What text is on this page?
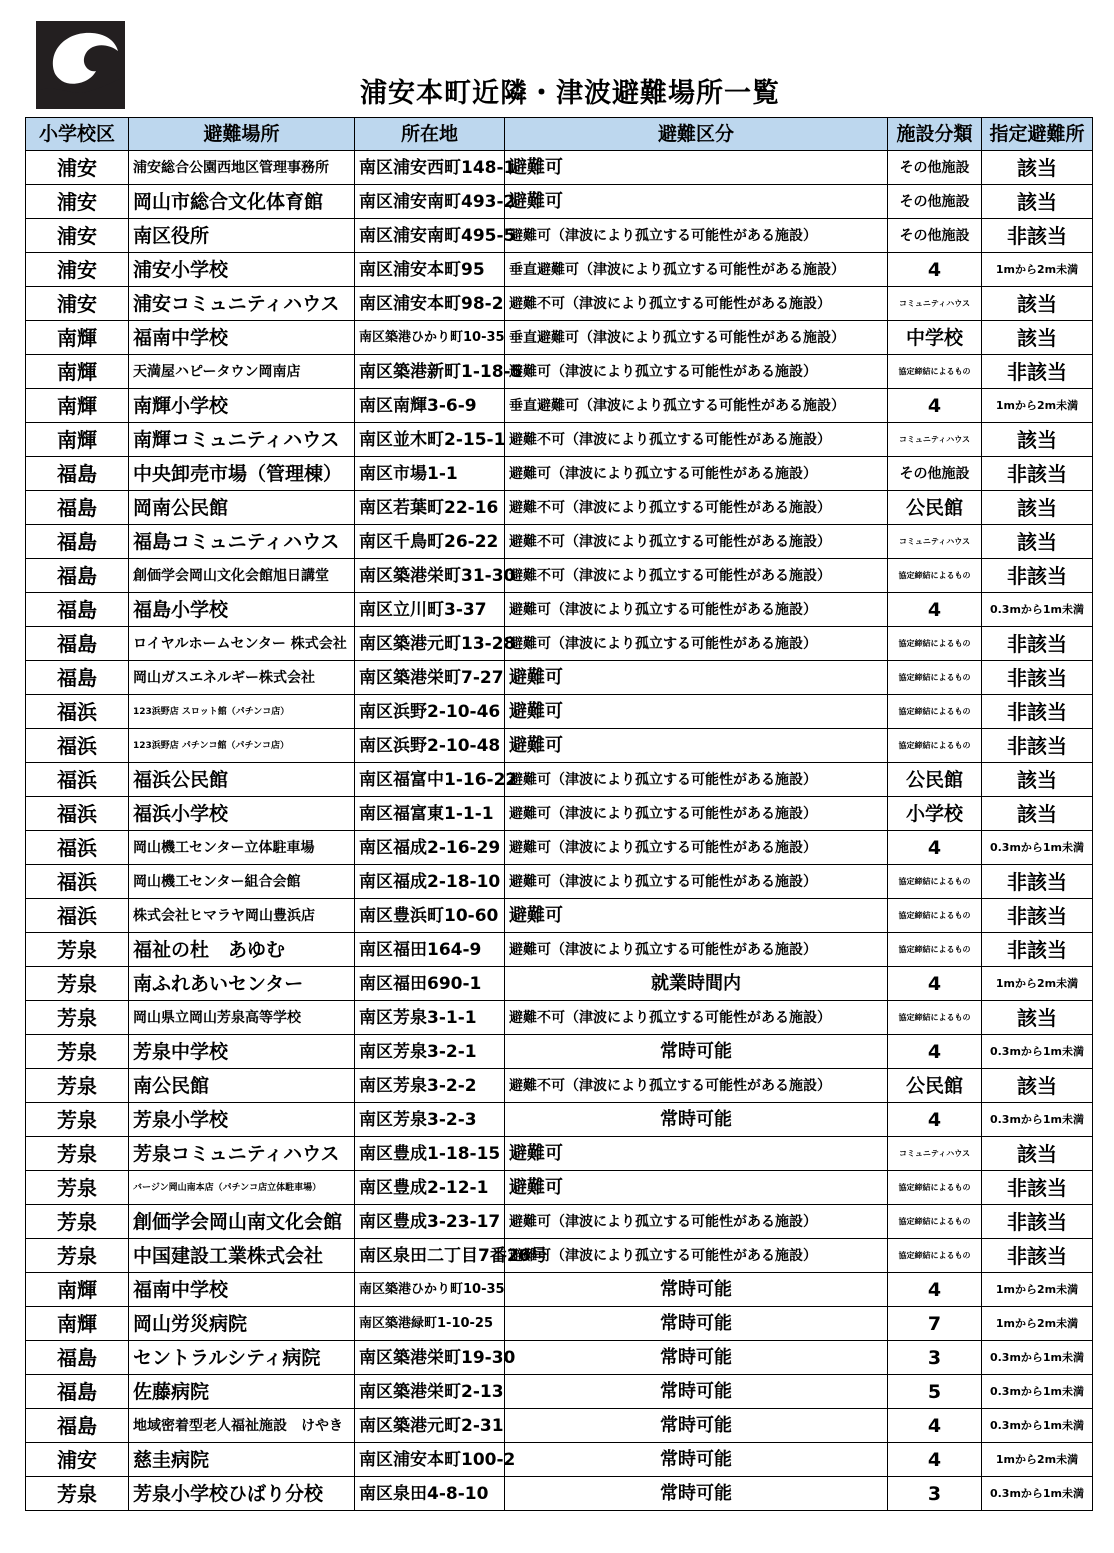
浦安本町近隣・津波避難場所一覧
小学校区	避難場所	所在地	避難区分	施設分類	指定避難所
浦安	浦安総合公園西地区管理事務所	南区浦安西町148-1	避難可	その他施設	該当
浦安	岡山市総合文化体育館	南区浦安南町493-2	避難可	その他施設	該当
浦安	南区役所	南区浦安南町495-5	避難可（津波により孤立する可能性がある施設）	その他施設	非該当
浦安	浦安小学校	南区浦安本町95	垂直避難可（津波により孤立する可能性がある施設）	4	1mから2m未満
浦安	浦安コミュニティハウス	南区浦安本町98-2	避難不可（津波により孤立する可能性がある施設）	コミュニティハウス	該当
南輝	福南中学校	南区築港ひかり町10-35	垂直避難可（津波により孤立する可能性がある施設）	中学校	該当
南輝	天満屋ハピータウン岡南店	南区築港新町1-18-5	避難可（津波により孤立する可能性がある施設）	協定締結によるもの	非該当
南輝	南輝小学校	南区南輝3-6-9	垂直避難可（津波により孤立する可能性がある施設）	4	1mから2m未満
南輝	南輝コミュニティハウス	南区並木町2-15-1	避難不可（津波により孤立する可能性がある施設）	コミュニティハウス	該当
福島	中央卸売市場（管理棟）	南区市場1-1	避難可（津波により孤立する可能性がある施設）	その他施設	非該当
福島	岡南公民館	南区若葉町22-16	避難不可（津波により孤立する可能性がある施設）	公民館	該当
福島	福島コミュニティハウス	南区千鳥町26-22	避難不可（津波により孤立する可能性がある施設）	コミュニティハウス	該当
福島	創価学会岡山文化会館旭日講堂	南区築港栄町31-30	避難不可（津波により孤立する可能性がある施設）	協定締結によるもの	非該当
福島	福島小学校	南区立川町3-37	避難可（津波により孤立する可能性がある施設）	4	0.3mから1m未満
福島	ロイヤルホームセンター 株式会社	南区築港元町13-28	避難可（津波により孤立する可能性がある施設）	協定締結によるもの	非該当
福島	岡山ガスエネルギー株式会社	南区築港栄町7-27	避難可	協定締結によるもの	非該当
福浜	123浜野店 スロット館（パチンコ店）	南区浜野2-10-46	避難可	協定締結によるもの	非該当
福浜	123浜野店 パチンコ館（パチンコ店）	南区浜野2-10-48	避難可	協定締結によるもの	非該当
福浜	福浜公民館	南区福富中1-16-22	避難可（津波により孤立する可能性がある施設）	公民館	該当
福浜	福浜小学校	南区福富東1-1-1	避難可（津波により孤立する可能性がある施設）	小学校	該当
福浜	岡山機工センター立体駐車場	南区福成2-16-29	避難可（津波により孤立する可能性がある施設）	4	0.3mから1m未満
福浜	岡山機工センター組合会館	南区福成2-18-10	避難可（津波により孤立する可能性がある施設）	協定締結によるもの	非該当
福浜	株式会社ヒマラヤ岡山豊浜店	南区豊浜町10-60	避難可	協定締結によるもの	非該当
芳泉	福祉の杜　あゆむ	南区福田164-9	避難可（津波により孤立する可能性がある施設）	協定締結によるもの	非該当
芳泉	南ふれあいセンター	南区福田690-1	就業時間内	4	1mから2m未満
芳泉	岡山県立岡山芳泉高等学校	南区芳泉3-1-1	避難不可（津波により孤立する可能性がある施設）	協定締結によるもの	該当
芳泉	芳泉中学校	南区芳泉3-2-1	常時可能	4	0.3mから1m未満
芳泉	南公民館	南区芳泉3-2-2	避難不可（津波により孤立する可能性がある施設）	公民館	該当
芳泉	芳泉小学校	南区芳泉3-2-3	常時可能	4	0.3mから1m未満
芳泉	芳泉コミュニティハウス	南区豊成1-18-15	避難可	コミュニティハウス	該当
芳泉	バージン岡山南本店（パチンコ店立体駐車場）	南区豊成2-12-1	避難可	協定締結によるもの	非該当
芳泉	創価学会岡山南文化会館	南区豊成3-23-17	避難可（津波により孤立する可能性がある施設）	協定締結によるもの	非該当
芳泉	中国建設工業株式会社	南区泉田二丁目7番26号	避難可（津波により孤立する可能性がある施設）	協定締結によるもの	非該当
南輝	福南中学校	南区築港ひかり町10-35	常時可能	4	1mから2m未満
南輝	岡山労災病院	南区築港緑町1-10-25	常時可能	7	1mから2m未満
福島	セントラルシティ病院	南区築港栄町19-30	常時可能	3	0.3mから1m未満
福島	佐藤病院	南区築港栄町2-13	常時可能	5	0.3mから1m未満
福島	地域密着型老人福祉施設　けやき	南区築港元町2-31	常時可能	4	0.3mから1m未満
浦安	慈圭病院	南区浦安本町100-2	常時可能	4	1mから2m未満
芳泉	芳泉小学校ひばり分校	南区泉田4-8-10	常時可能	3	0.3mから1m未満
